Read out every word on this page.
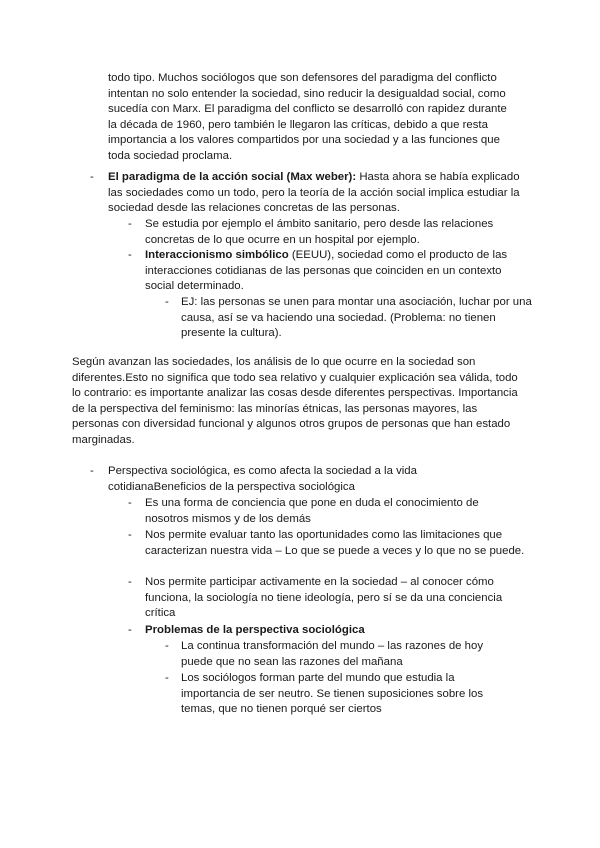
todo tipo. Muchos sociólogos que son defensores del paradigma del conflicto intentan no solo entender la sociedad, sino reducir la desigualdad social, como sucedía con Marx. El paradigma del conflicto se desarrolló con rapidez durante la década de 1960, pero también le llegaron las críticas, debido a que resta importancia a los valores compartidos por una sociedad y a las funciones que toda sociedad proclama.
- El paradigma de la acción social (Max weber): Hasta ahora se había explicado las sociedades como un todo, pero la teoría de la acción social implica estudiar la sociedad desde las relaciones concretas de las personas.
- Se estudia por ejemplo el ámbito sanitario, pero desde las relaciones concretas de lo que ocurre en un hospital por ejemplo.
- Interaccionismo simbólico (EEUU), sociedad como el producto de las interacciones cotidianas de las personas que coinciden en un contexto social determinado.
- EJ: las personas se unen para montar una asociación, luchar por una causa, así se va haciendo una sociedad. (Problema: no tienen presente la cultura).
Según avanzan las sociedades, los análisis de lo que ocurre en la sociedad son diferentes.Esto no significa que todo sea relativo y cualquier explicación sea válida, todo lo contrario: es importante analizar las cosas desde diferentes perspectivas. Importancia de la perspectiva del feminismo: las minorías étnicas, las personas mayores, las personas con diversidad funcional y algunos otros grupos de personas que han estado marginadas.
- Perspectiva sociológica, es como afecta la sociedad a la vida cotidianaBeneficios de la perspectiva sociológica
- Es una forma de conciencia que pone en duda el conocimiento de nosotros mismos y de los demás
- Nos permite evaluar tanto las oportunidades como las limitaciones que caracterizan nuestra vida – Lo que se puede a veces y lo que no se puede.
- Nos permite participar activamente en la sociedad – al conocer cómo funciona, la sociología no tiene ideología, pero sí se da una conciencia crítica
- Problemas de la perspectiva sociológica
- La continua transformación del mundo – las razones de hoy puede que no sean las razones del mañana
- Los sociólogos forman parte del mundo que estudia la importancia de ser neutro. Se tienen suposiciones sobre los temas, que no tienen porqué ser ciertos
